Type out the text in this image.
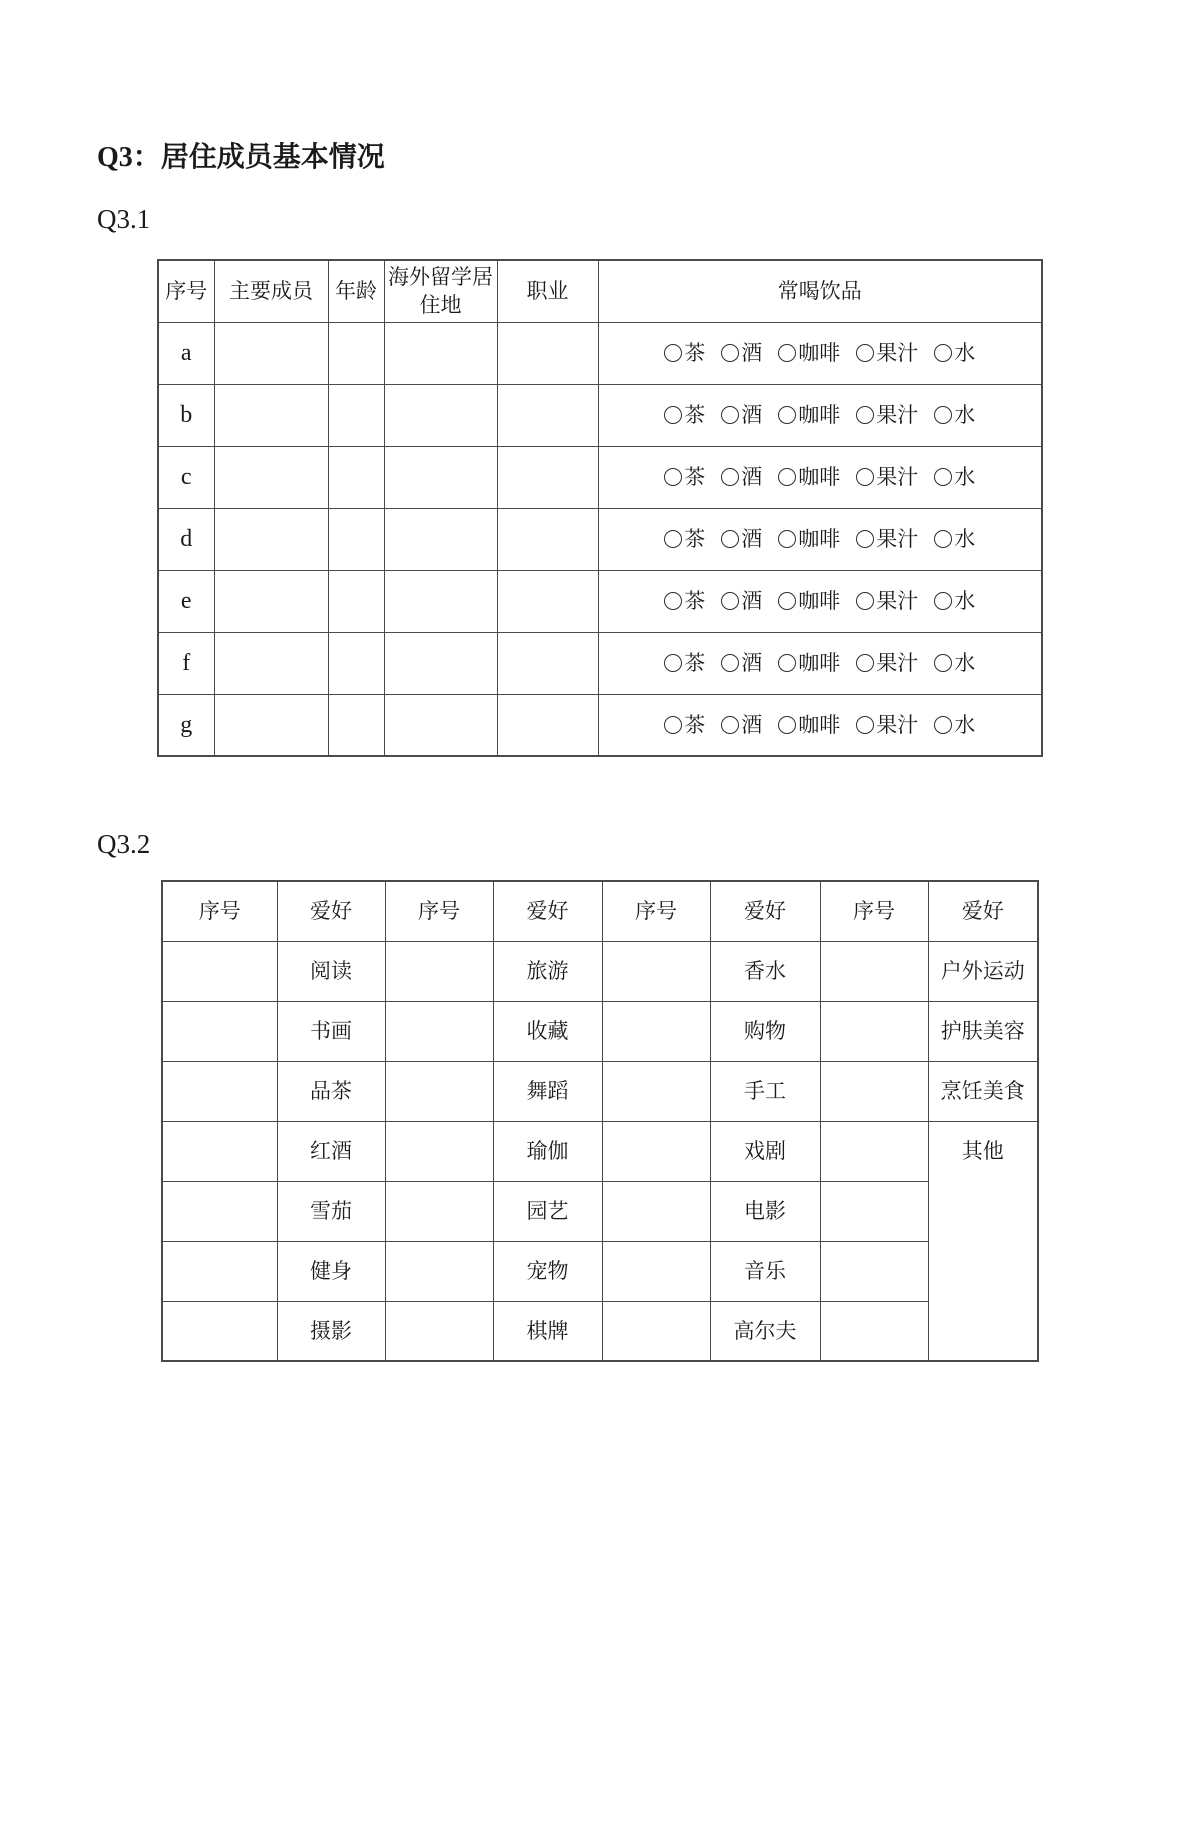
Q3：居住成员基本情况
Q3.1
序号	主要成员	年龄	海外留学居住地	职业	常喝饮品
a					茶 酒 咖啡 果汁 水

b					茶 酒 咖啡 果汁 水

c					茶 酒 咖啡 果汁 水

d					茶 酒 咖啡 果汁 水

e					茶 酒 咖啡 果汁 水

f					茶 酒 咖啡 果汁 水

g					茶 酒 咖啡 果汁 水
Q3.2
序号	爱好	序号	爱好	序号	爱好	序号	爱好
	阅读		旅游		香水		户外运动
	书画		收藏		购物		护肤美容
	品茶		舞蹈		手工		烹饪美食
	红酒		瑜伽		戏剧		其他
	雪茄		园艺		电影		
	健身		宠物		音乐		
	摄影		棋牌		高尔夫		
